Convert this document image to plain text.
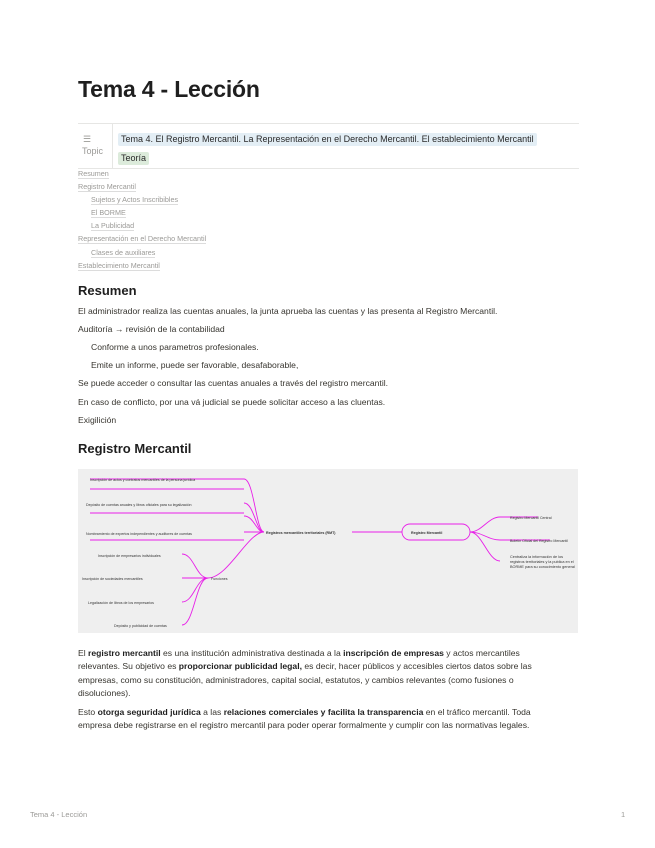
Tema 4 - Lección
☰
Topic
Tema 4. El Registro Mercantil. La Representación en el Derecho Mercantil. El establecimiento Mercantil
Teoría
Resumen
Registro Mercantil
Sujetos y Actos Inscribibles
El BORME
La Publicidad
Representación en el Derecho Mercantil
Clases de auxiliares
Establecimiento Mercantil
Resumen
El administrador realiza las cuentas anuales, la junta aprueba las cuentas y las presenta al Registro Mercantil.
Auditoría → revisión de la contabilidad
Conforme a unos parametros profesionales.
Emite un informe, puede ser favorable, desafaborable,
Se puede acceder o consultar las cuentas anuales a través del registro mercantil.
En caso de conflicto, por una vá judicial se puede solicitar acceso a las cluentas.
Exigilición
Registro Mercantil
Registros mercantiles territoriales (RMT)	Registro Mercantil
Funciones
Inscripción de actos y contratos mercantiles de la persona jurídica
Depósito de cuentas anuales y libros oficiales para su legalización
Nombramiento de expertos independientes y auditores de cuentas
Inscripción de empresarios individuales
Inscripción de sociedades mercantiles
Legalización de libros de los empresarios
Depósito y publicidad de cuentas
Registro Mercantil Central
Boletín Oficial del Registro Mercantil
Centraliza la información de los registros territoriales y la publica en el BORME para su conocimiento general
El registro mercantil es una institución administrativa destinada a la inscripción de empresas y actos mercantiles relevantes. Su objetivo es proporcionar publicidad legal, es decir, hacer públicos y accesibles ciertos datos sobre las empresas, como su constitución, administradores, capital social, estatutos, y cambios relevantes (como fusiones o disoluciones).
Esto otorga seguridad jurídica a las relaciones comerciales y facilita la transparencia en el tráfico mercantil. Toda empresa debe registrarse en el registro mercantil para poder operar formalmente y cumplir con las normativas legales.
Tema 4 - Lección	1
